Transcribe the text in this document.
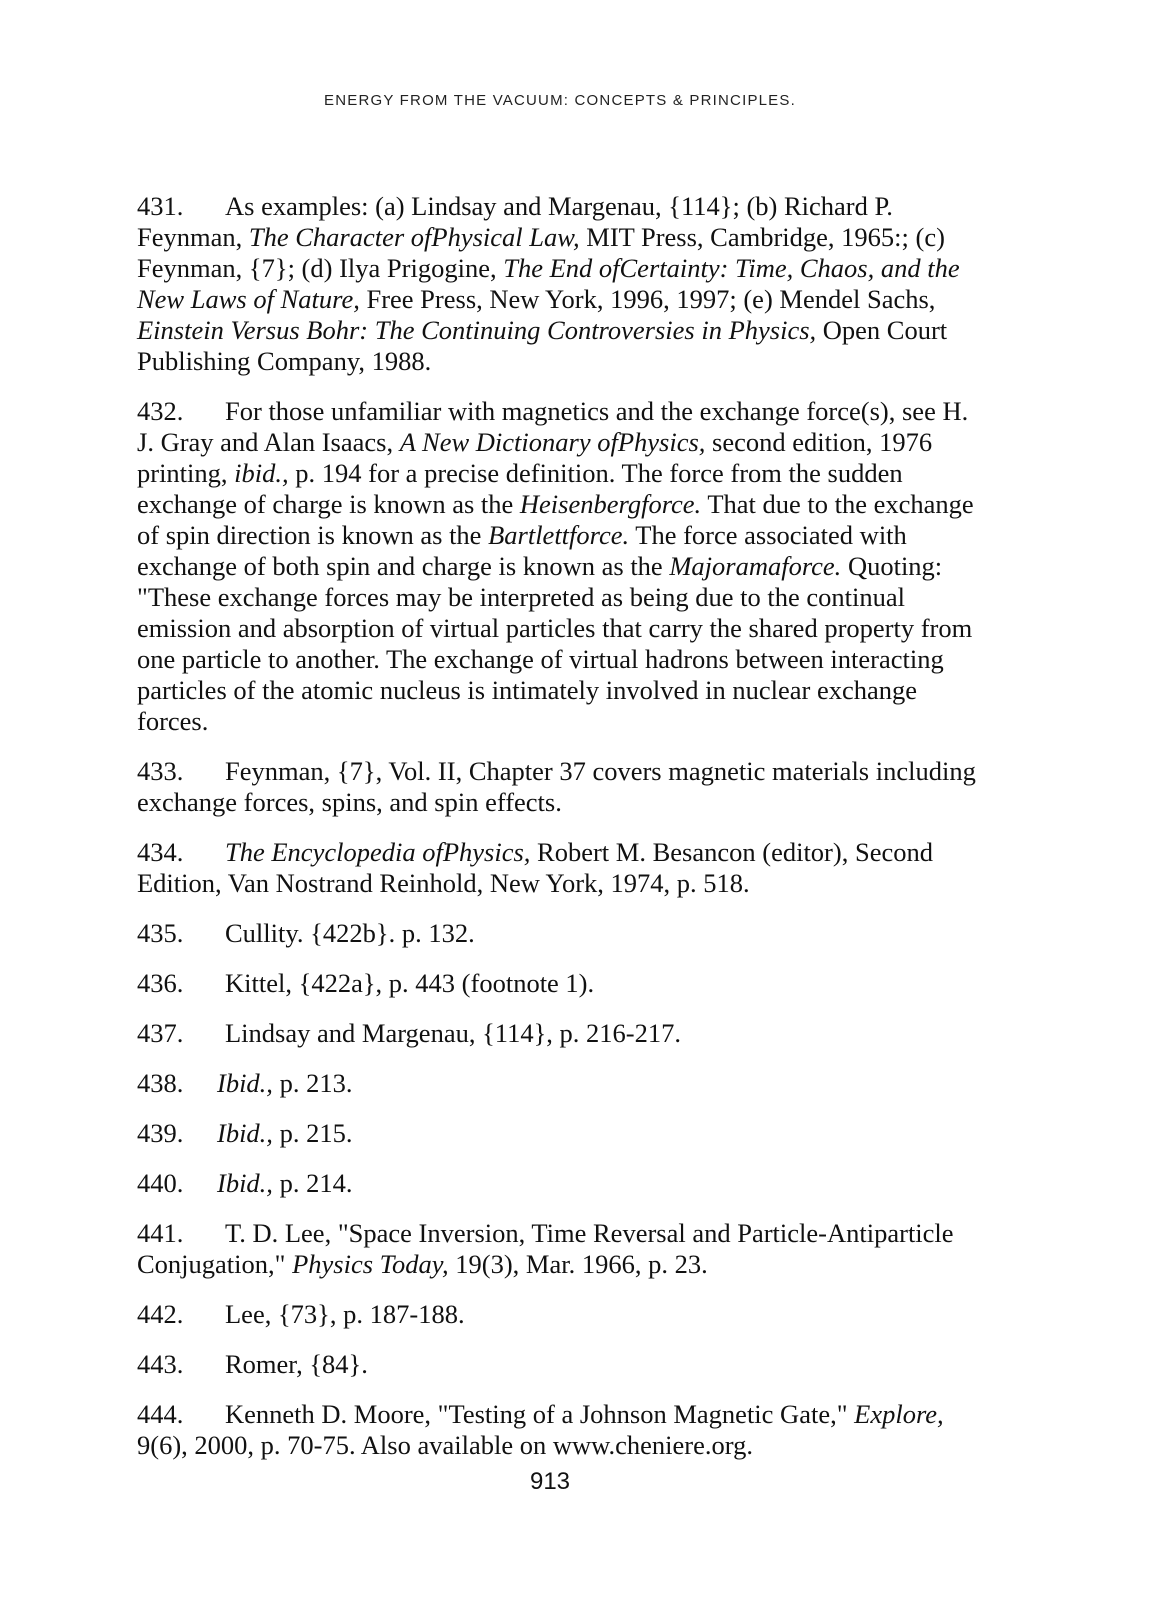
ENERGY FROM THE VACUUM: CONCEPTS & PRINCIPLES.

431. As examples: (a) Lindsay and Margenau, {114}; (b) Richard P. Feynman, The Character ofPhysical Law, MIT Press, Cambridge, 1965:; (c) Feynman, {7}; (d) Ilya Prigogine, The End ofCertainty: Time, Chaos, and the New Laws of Nature, Free Press, New York, 1996, 1997; (e) Mendel Sachs, Einstein Versus Bohr: The Continuing Controversies in Physics, Open Court Publishing Company, 1988.

432. For those unfamiliar with magnetics and the exchange force(s), see H. J. Gray and Alan Isaacs, A New Dictionary ofPhysics, second edition, 1976 printing, ibid., p. 194 for a precise definition. The force from the sudden exchange of charge is known as the Heisenbergforce. That due to the exchange of spin direction is known as the Bartlettforce. The force associated with exchange of both spin and charge is known as the Majoramaforce. Quoting: "These exchange forces may be interpreted as being due to the continual emission and absorption of virtual particles that carry the shared property from one particle to another. The exchange of virtual hadrons between interacting particles of the atomic nucleus is intimately involved in nuclear exchange forces.

433. Feynman, {7}, Vol. II, Chapter 37 covers magnetic materials including exchange forces, spins, and spin effects.

434. The Encyclopedia ofPhysics, Robert M. Besancon (editor), Second Edition, Van Nostrand Reinhold, New York, 1974, p. 518.

435. Cullity. {422b}. p. 132.

436. Kittel, {422a}, p. 443 (footnote 1).

437. Lindsay and Margenau, {114}, p. 216-217.

438. Ibid., p. 213.

439. Ibid., p. 215.

440. Ibid., p. 214.

441. T. D. Lee, "Space Inversion, Time Reversal and Particle-Antiparticle Conjugation," Physics Today, 19(3), Mar. 1966, p. 23.

442. Lee, {73}, p. 187-188.

443. Romer, {84}.

444. Kenneth D. Moore, "Testing of a Johnson Magnetic Gate," Explore, 9(6), 2000, p. 70-75. Also available on www.cheniere.org.

913
